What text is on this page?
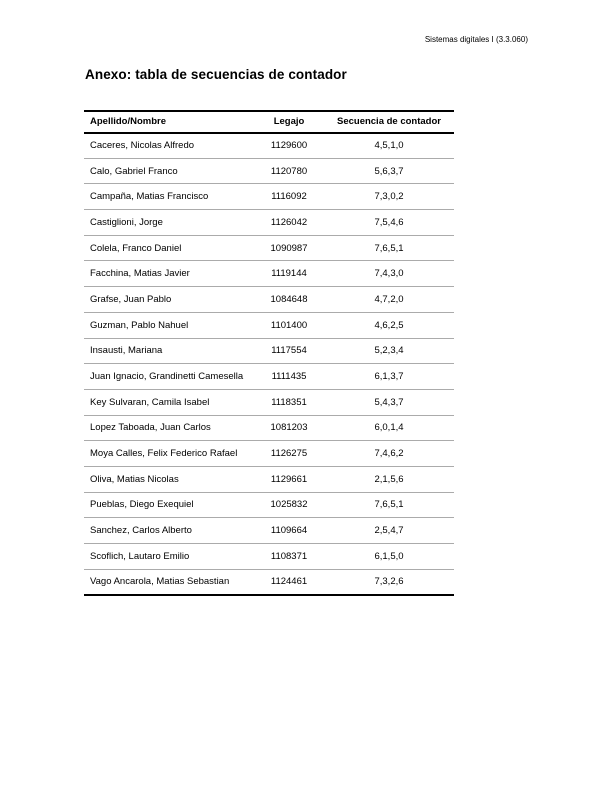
Sistemas digitales I (3.3.060)
Anexo: tabla de secuencias de contador
Apellido/Nombre	Legajo	Secuencia de contador
Caceres, Nicolas Alfredo	1129600	4,5,1,0
Calo, Gabriel Franco	1120780	5,6,3,7
Campaña, Matias Francisco	1116092	7,3,0,2
Castiglioni, Jorge	1126042	7,5,4,6
Colela, Franco Daniel	1090987	7,6,5,1
Facchina, Matias Javier	1119144	7,4,3,0
Grafse, Juan Pablo	1084648	4,7,2,0
Guzman, Pablo Nahuel	1101400	4,6,2,5
Insausti, Mariana	1117554	5,2,3,4
Juan Ignacio, Grandinetti Camesella	1111435	6,1,3,7
Key Sulvaran, Camila Isabel	1118351	5,4,3,7
Lopez Taboada, Juan Carlos	1081203	6,0,1,4
Moya Calles, Felix Federico Rafael	1126275	7,4,6,2
Oliva, Matias Nicolas	1129661	2,1,5,6
Pueblas, Diego Exequiel	1025832	7,6,5,1
Sanchez, Carlos Alberto	1109664	2,5,4,7
Scoflich, Lautaro Emilio	1108371	6,1,5,0
Vago Ancarola, Matias Sebastian	1124461	7,3,2,6
